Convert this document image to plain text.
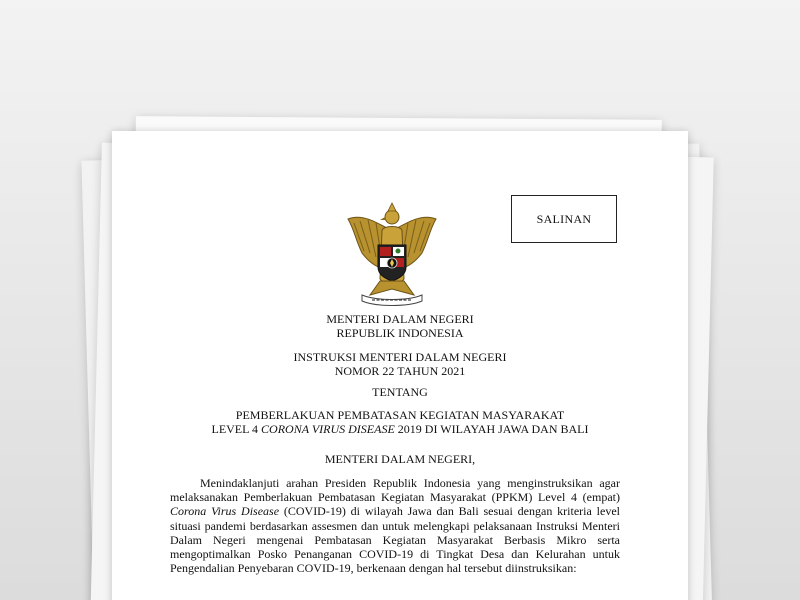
SALINAN
MENTERI DALAM NEGERI
REPUBLIK INDONESIA
INSTRUKSI MENTERI DALAM NEGERI
NOMOR 22 TAHUN 2021
TENTANG
PEMBERLAKUAN PEMBATASAN KEGIATAN MASYARAKAT
LEVEL 4 CORONA VIRUS DISEASE 2019 DI WILAYAH JAWA DAN BALI
MENTERI DALAM NEGERI,
Menindaklanjuti arahan Presiden Republik Indonesia yang menginstruksikan agar melaksanakan Pemberlakuan Pembatasan Kegiatan Masyarakat (PPKM) Level 4 (empat) Corona Virus Disease (COVID-19) di wilayah Jawa dan Bali sesuai dengan kriteria level situasi pandemi berdasarkan assesmen dan untuk melengkapi pelaksanaan Instruksi Menteri Dalam Negeri mengenai Pembatasan Kegiatan Masyarakat Berbasis Mikro serta mengoptimalkan Posko Penanganan COVID-19 di Tingkat Desa dan Kelurahan untuk Pengendalian Penyebaran COVID-19, berkenaan dengan hal tersebut diinstruksikan:
